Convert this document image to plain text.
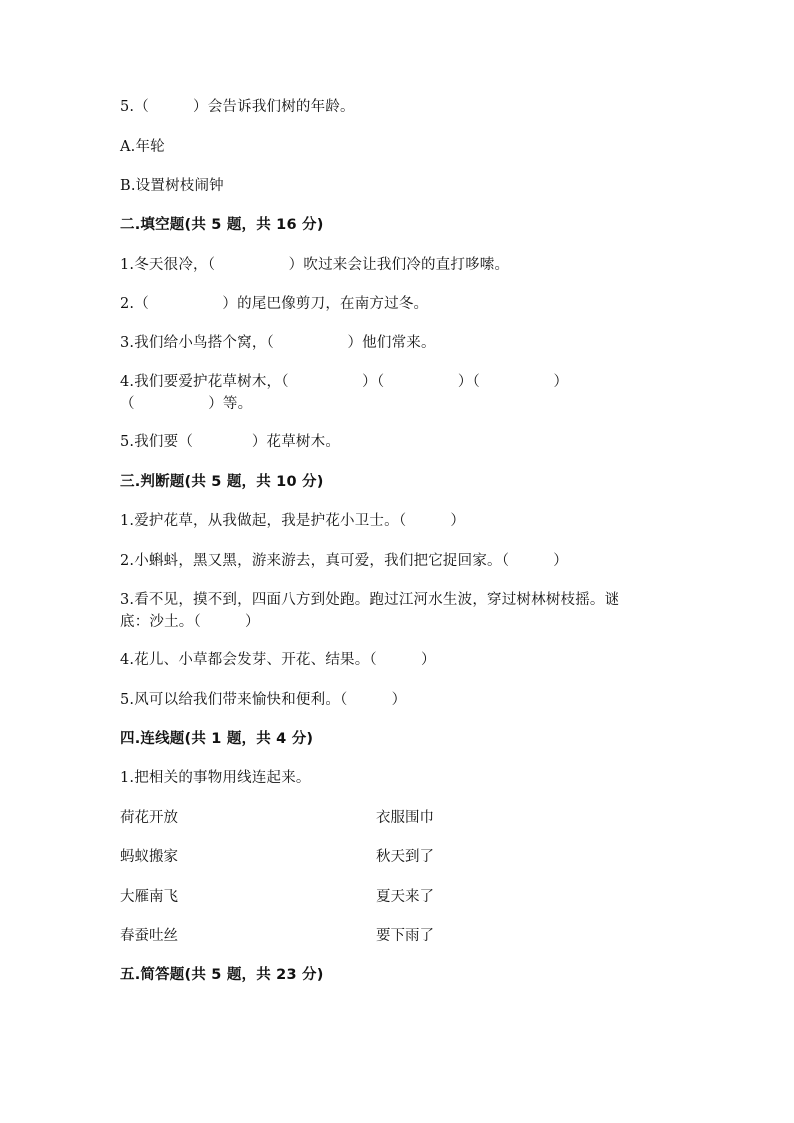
5.（　　　）会告诉我们树的年龄。

A.年轮

B.设置树枝闹钟

二.填空题(共 5 题，共 16 分)

1.冬天很冷，（　　　　　）吹过来会让我们冷的直打哆嗦。

2.（　　　　　）的尾巴像剪刀，在南方过冬。

3.我们给小鸟搭个窝，（　　　　　）他们常来。

4.我们要爱护花草树木，（　　　　　）（　　　　　）（　　　　　）

（　　　　　）等。

5.我们要（　　　　）花草树木。

三.判断题(共 5 题，共 10 分)

1.爱护花草，从我做起，我是护花小卫士。（　　　）

2.小蝌蚪，黑又黑，游来游去，真可爱，我们把它捉回家。（　　　）

3.看不见，摸不到，四面八方到处跑。跑过江河水生波，穿过树林树枝摇。谜

底：沙土。（　　　）

4.花儿、小草都会发芽、开花、结果。（　　　）

5.风可以给我们带来愉快和便利。（　　　）

四.连线题(共 1 题，共 4 分)

1.把相关的事物用线连起来。

荷花开放	衣服围巾
蚂蚁搬家	秋天到了
大雁南飞	夏天来了
春蚕吐丝	要下雨了

五.简答题(共 5 题，共 23 分)
